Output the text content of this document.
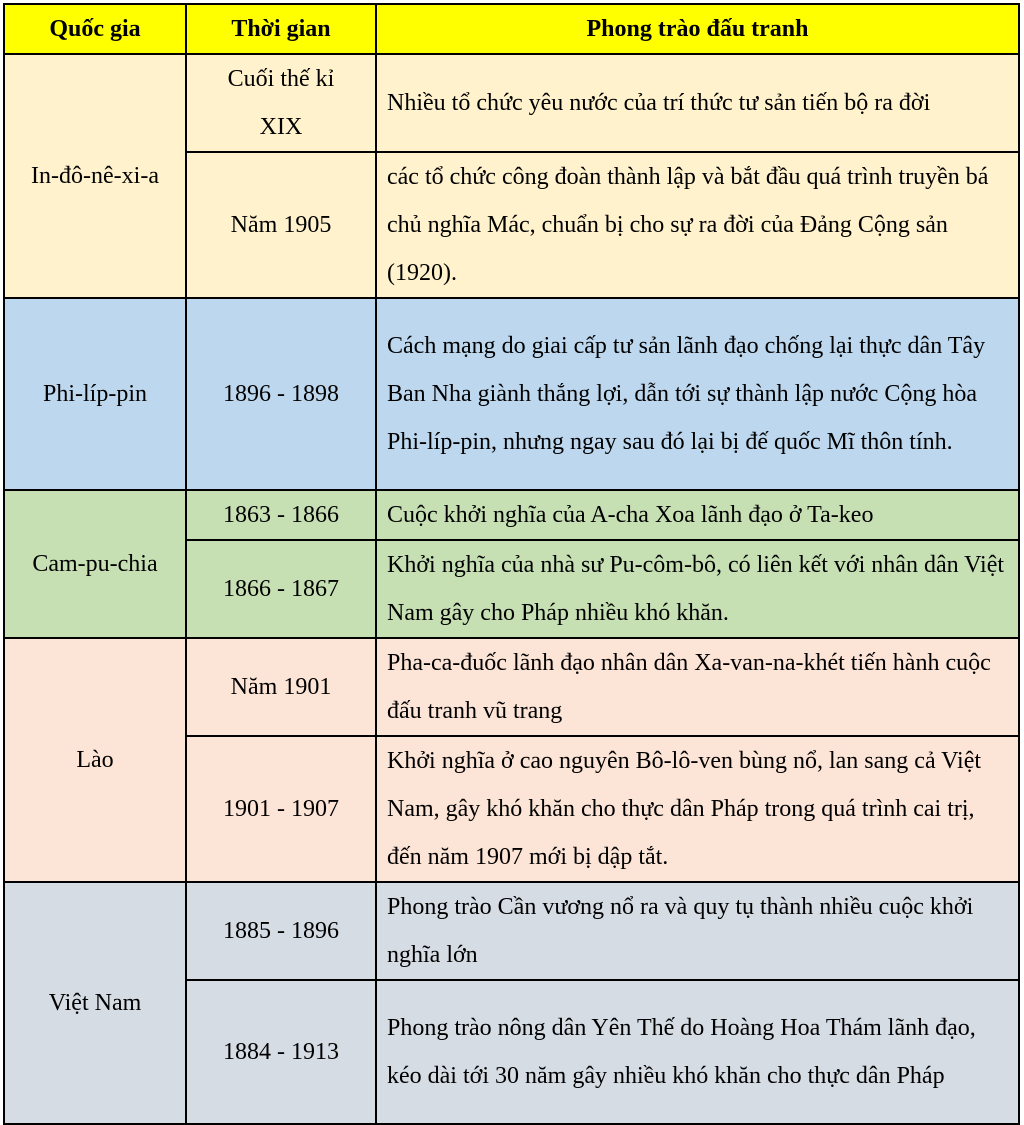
Quốc gia	Thời gian	Phong trào đấu tranh
In-đô-nê-xi-a	Cuối thế kỉ XIX	Nhiều tổ chức yêu nước của trí thức tư sản tiến bộ ra đời
	Năm 1905	các tổ chức công đoàn thành lập và bắt đầu quá trình truyền bá chủ nghĩa Mác, chuẩn bị cho sự ra đời của Đảng Cộng sản (1920).
Phi-líp-pin	1896 - 1898	Cách mạng do giai cấp tư sản lãnh đạo chống lại thực dân Tây Ban Nha giành thắng lợi, dẫn tới sự thành lập nước Cộng hòa Phi-líp-pin, nhưng ngay sau đó lại bị đế quốc Mĩ thôn tính.
Cam-pu-chia	1863 - 1866	Cuộc khởi nghĩa của A-cha Xoa lãnh đạo ở Ta-keo
	1866 - 1867	Khởi nghĩa của nhà sư Pu-côm-bô, có liên kết với nhân dân Việt Nam gây cho Pháp nhiều khó khăn.
Lào	Năm 1901	Pha-ca-đuốc lãnh đạo nhân dân Xa-van-na-khét tiến hành cuộc đấu tranh vũ trang
	1901 - 1907	Khởi nghĩa ở cao nguyên Bô-lô-ven bùng nổ, lan sang cả Việt Nam, gây khó khăn cho thực dân Pháp trong quá trình cai trị, đến năm 1907 mới bị dập tắt.
Việt Nam	1885 - 1896	Phong trào Cần vương nổ ra và quy tụ thành nhiều cuộc khởi nghĩa lớn
	1884 - 1913	Phong trào nông dân Yên Thế do Hoàng Hoa Thám lãnh đạo, kéo dài tới 30 năm gây nhiều khó khăn cho thực dân Pháp
